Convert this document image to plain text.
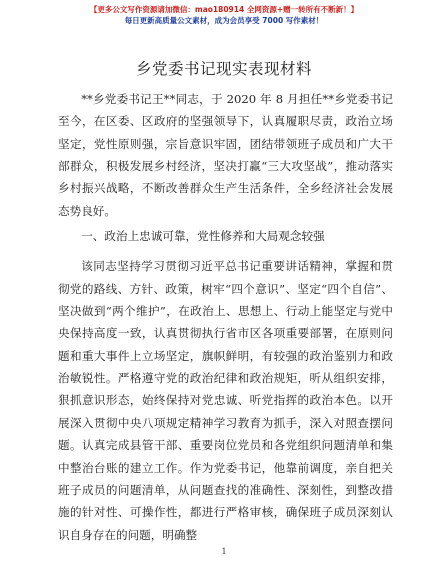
【更多公文写作资源请加微信：mao180914 全网资源+赠一转所有不断新！】
每日更新高质量公文素材，成为会员享受 7000 写作素材！
乡党委书记现实表现材料

**乡党委书记王**同志，于 2020 年 8 月担任**乡党委书记至今，在区委、区政府的坚强领导下，认真履职尽责，政治立场坚定，党性原则强，宗旨意识牢固，团结带领班子成员和广大干部群众，积极发展乡村经济，坚决打赢“三大攻坚战”，推动落实乡村振兴战略，不断改善群众生产生活条件，全乡经济社会发展态势良好。

一、政治上忠诚可靠，党性修养和大局观念较强

该同志坚持学习贯彻习近平总书记重要讲话精神，掌握和贯彻党的路线、方针、政策，树牢“四个意识”、坚定“四个自信”、坚决做到“两个维护”，在政治上、思想上、行动上能坚定与党中央保持高度一致，认真贯彻执行省市区各项重要部署，在原则问题和重大事件上立场坚定，旗帜鲜明，有较强的政治鉴别力和政治敏锐性。严格遵守党的政治纪律和政治规矩，听从组织安排，狠抓意识形态，始终保持对党忠诚、听党指挥的政治本色。以开展深入贯彻中央八项规定精神学习教育为抓手，深入对照查摆问题。认真完成县管干部、重要岗位党员和各党组织问题清单和集中整治台账的建立工作。作为党委书记，他靠前调度，亲自把关班子成员的问题清单，从问题查找的准确性、深刻性，到整改措施的针对性、可操作性，都进行严格审核，确保班子成员深刻认识自身存在的问题，明确整

1
